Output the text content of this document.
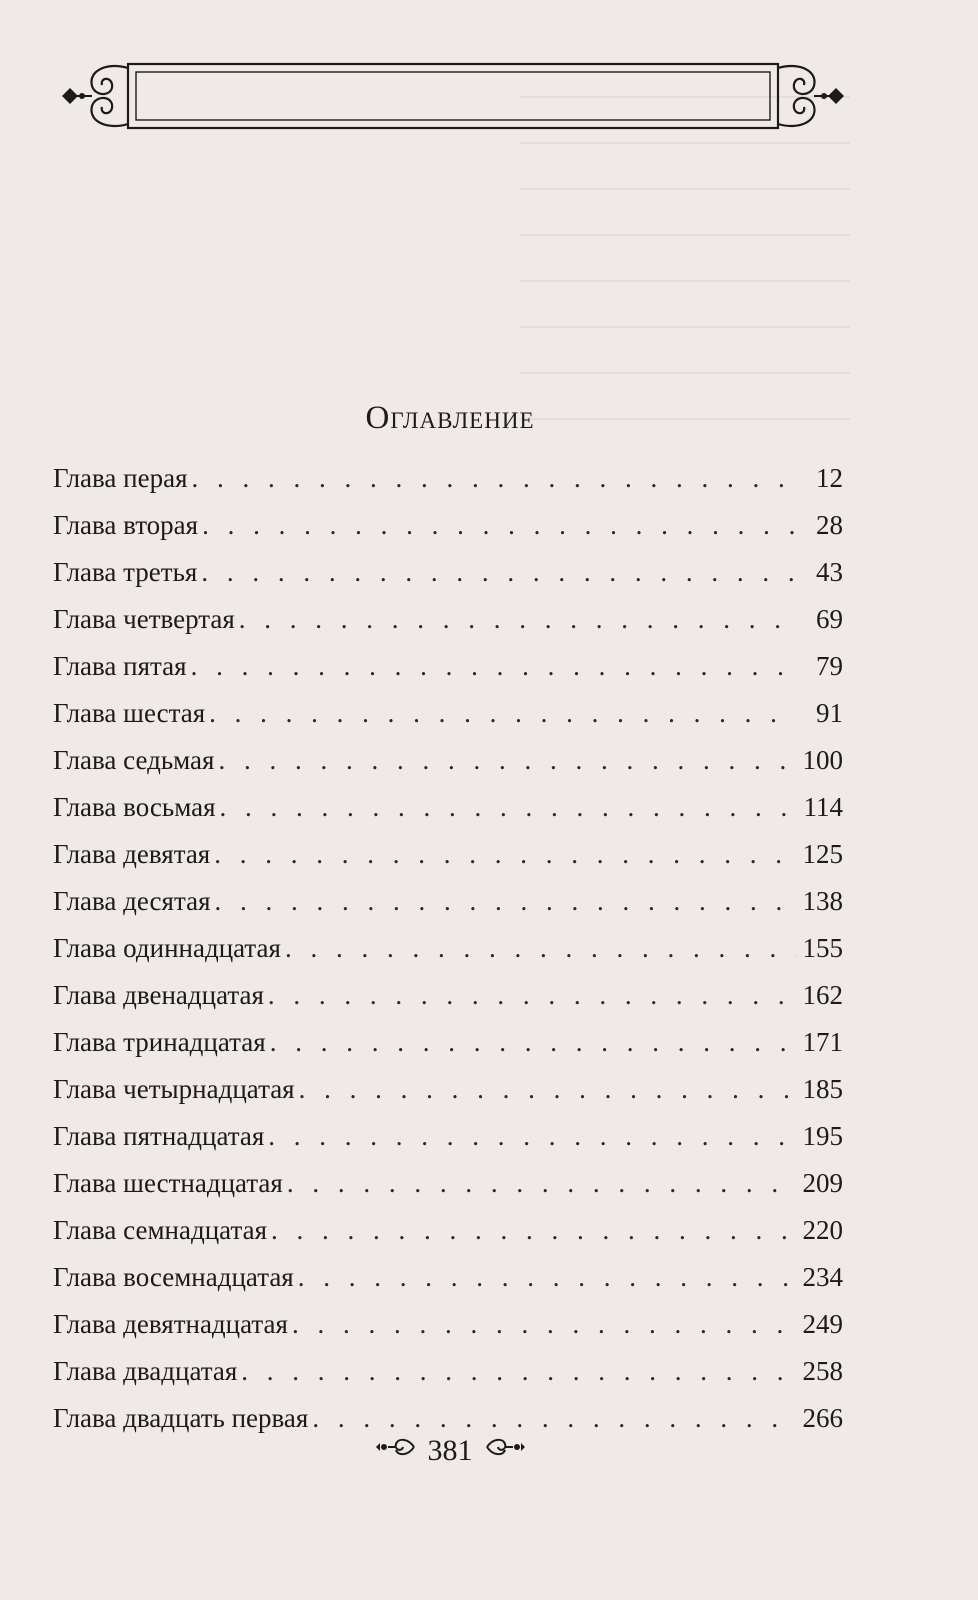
Оглавление
Глава перая . . .	12
Глава вторая . . .	28
Глава третья . . .	43
Глава четвертая . . .	69
Глава пятая . . .	79
Глава шестая . . .	91
Глава седьмая . . .	100
Глава восьмая . . .	114
Глава девятая . . .	125
Глава десятая . . .	138
Глава одиннадцатая . . .	155
Глава двенадцатая . . .	162
Глава тринадцатая . . .	171
Глава четырнадцатая . . .	185
Глава пятнадцатая . . .	195
Глава шестнадцатая . . .	209
Глава семнадцатая . . .	220
Глава восемнадцатая . . .	234
Глава девятнадцатая . . .	249
Глава двадцатая . . .	258
Глава двадцать первая . . .	266
381
